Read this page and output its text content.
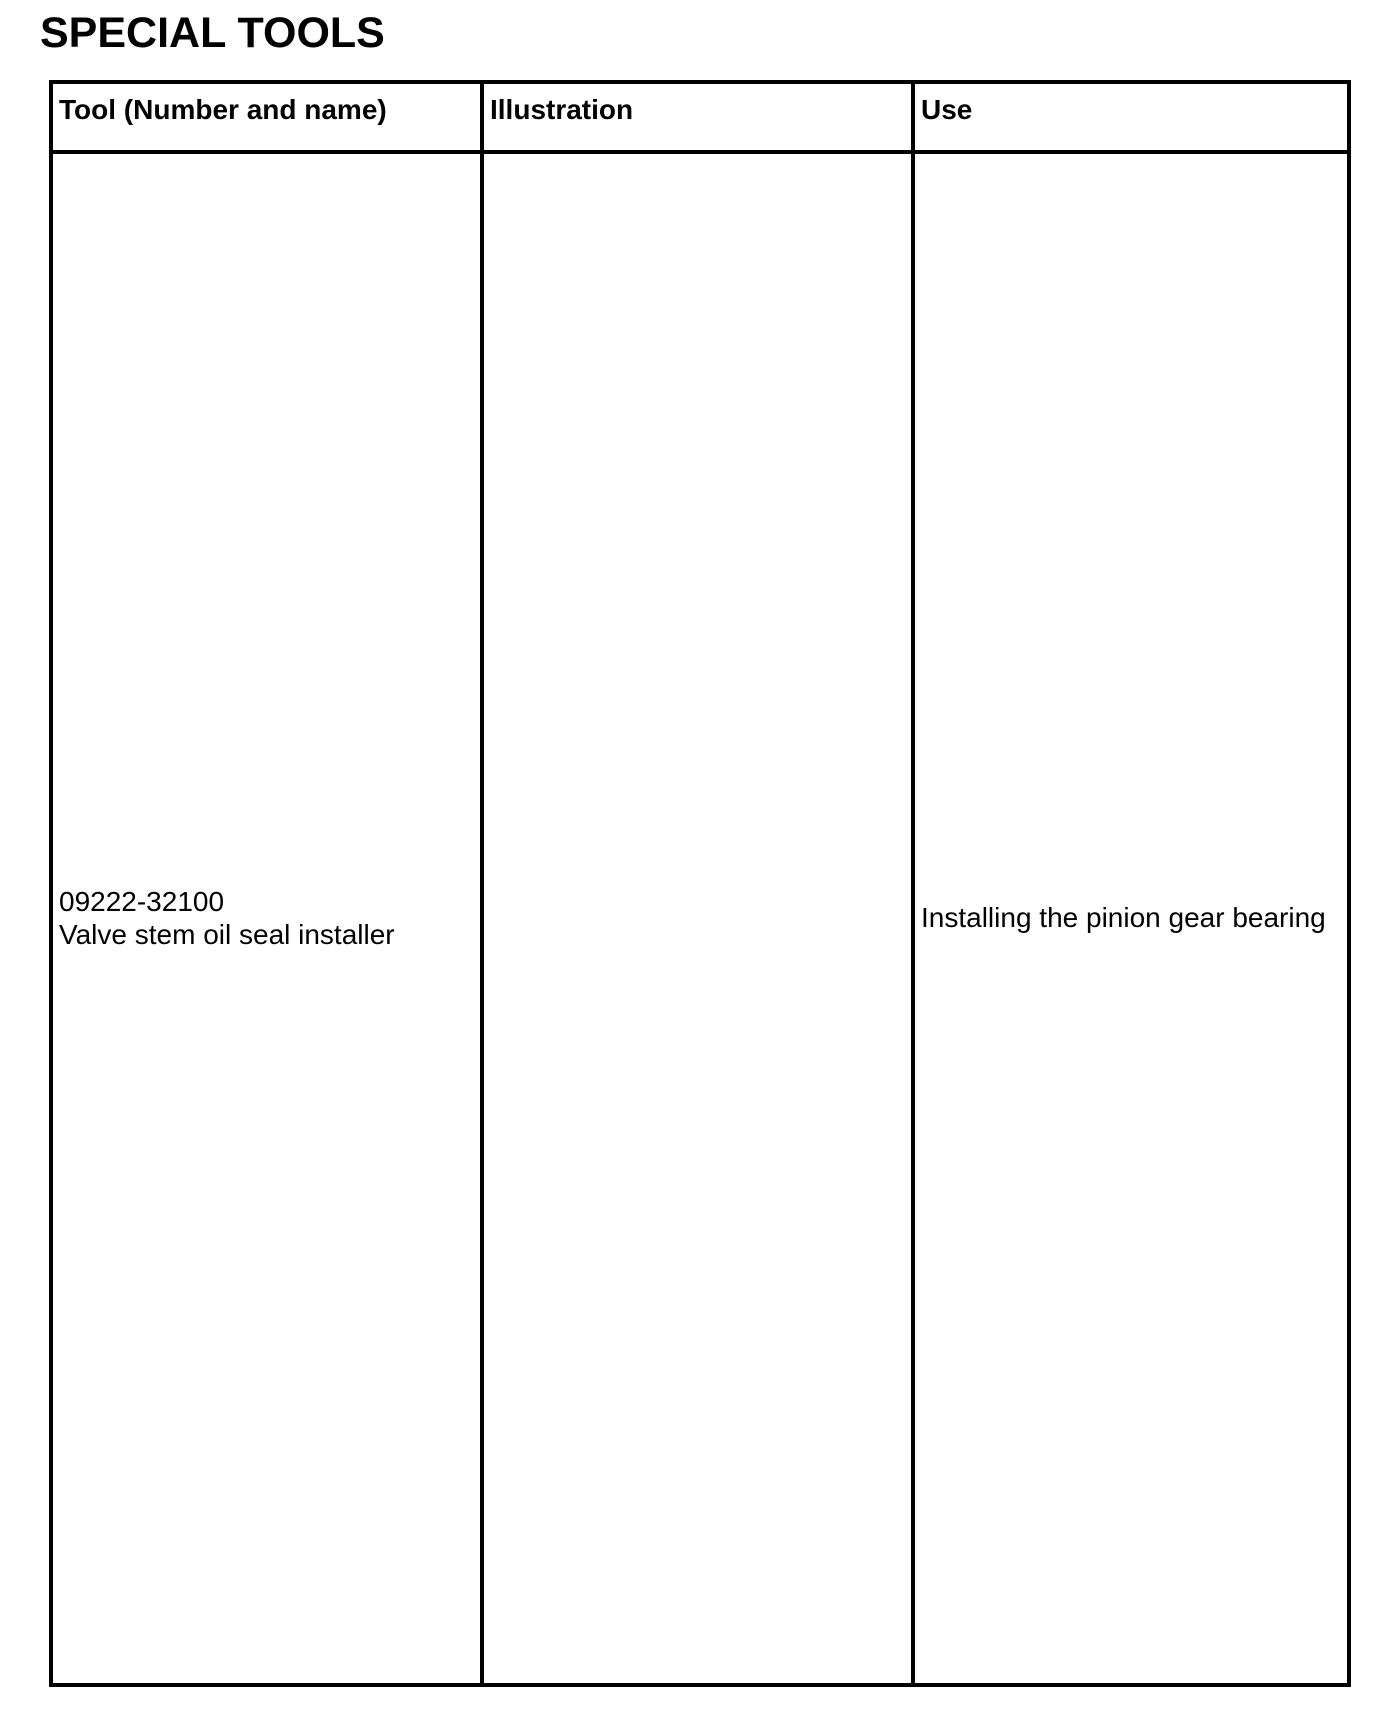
SPECIAL TOOLS
Tool (Number and name)	Illustration	Use

09222-32100
Valve stem oil seal installer		Installing the pinion gear bearing
